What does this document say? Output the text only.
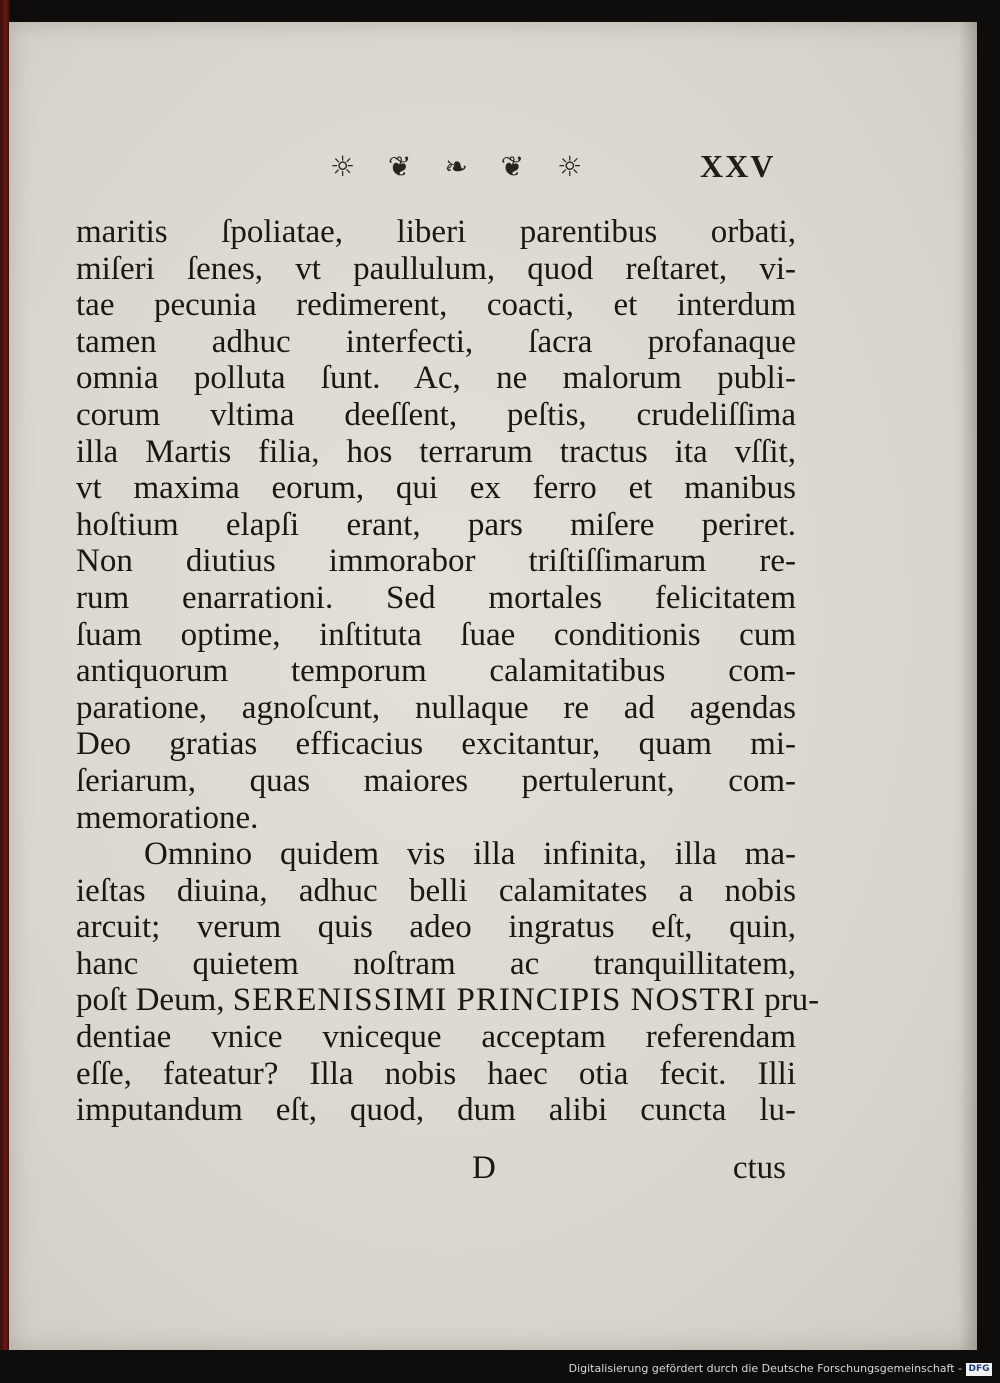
☼ ❦ ❧ ❦ ☼	XXV
maritis ſpoliatae, liberi parentibus orbati,
miſeri ſenes, vt paullulum, quod reſtaret, vi-
tae pecunia redimerent, coacti, et interdum
tamen adhuc interfecti, ſacra profanaque
omnia polluta ſunt. Ac, ne malorum publi-
corum vltima deeſſent, peſtis, crudeliſſima
illa Martis filia, hos terrarum tractus ita vſſit,
vt maxima eorum, qui ex ferro et manibus
hoſtium elapſi erant, pars miſere periret.
Non diutius immorabor triſtiſſimarum re-
rum enarrationi. Sed mortales felicitatem
ſuam optime, inſtituta ſuae conditionis cum
antiquorum temporum calamitatibus com-
paratione, agnoſcunt, nullaque re ad agendas
Deo gratias efficacius excitantur, quam mi-
ſeriarum, quas maiores pertulerunt, com-
memoratione.
Omnino quidem vis illa infinita, illa ma-
ieſtas diuina, adhuc belli calamitates a nobis
arcuit; verum quis adeo ingratus eſt, quin,
hanc quietem noſtram ac tranquillitatem,
poſt Deum, SERENISSIMI PRINCIPIS NOSTRI pru-
dentiae vnice vniceque acceptam referendam
eſſe, fateatur? Illa nobis haec otia fecit. Illi
imputandum eſt, quod, dum alibi cuncta lu-
D	ctus
Digitalisierung gefördert durch die Deutsche Forschungsgemeinschaft - DFG
